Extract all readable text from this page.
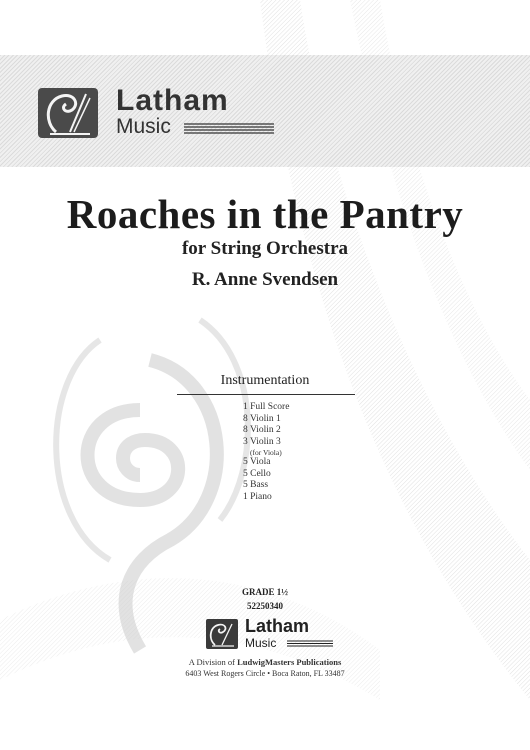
Latham
Music
Roaches in the Pantry
for String Orchestra
R. Anne Svendsen
Instrumentation
1 Full Score
8 Violin 1
8 Violin 2
3 Violin 3
(for Viola)
5 Viola
5 Cello
5 Bass
1 Piano
GRADE 1½
52250340
Latham
Music
A Division of LudwigMasters Publications
6403 West Rogers Circle • Boca Raton, FL 33487
